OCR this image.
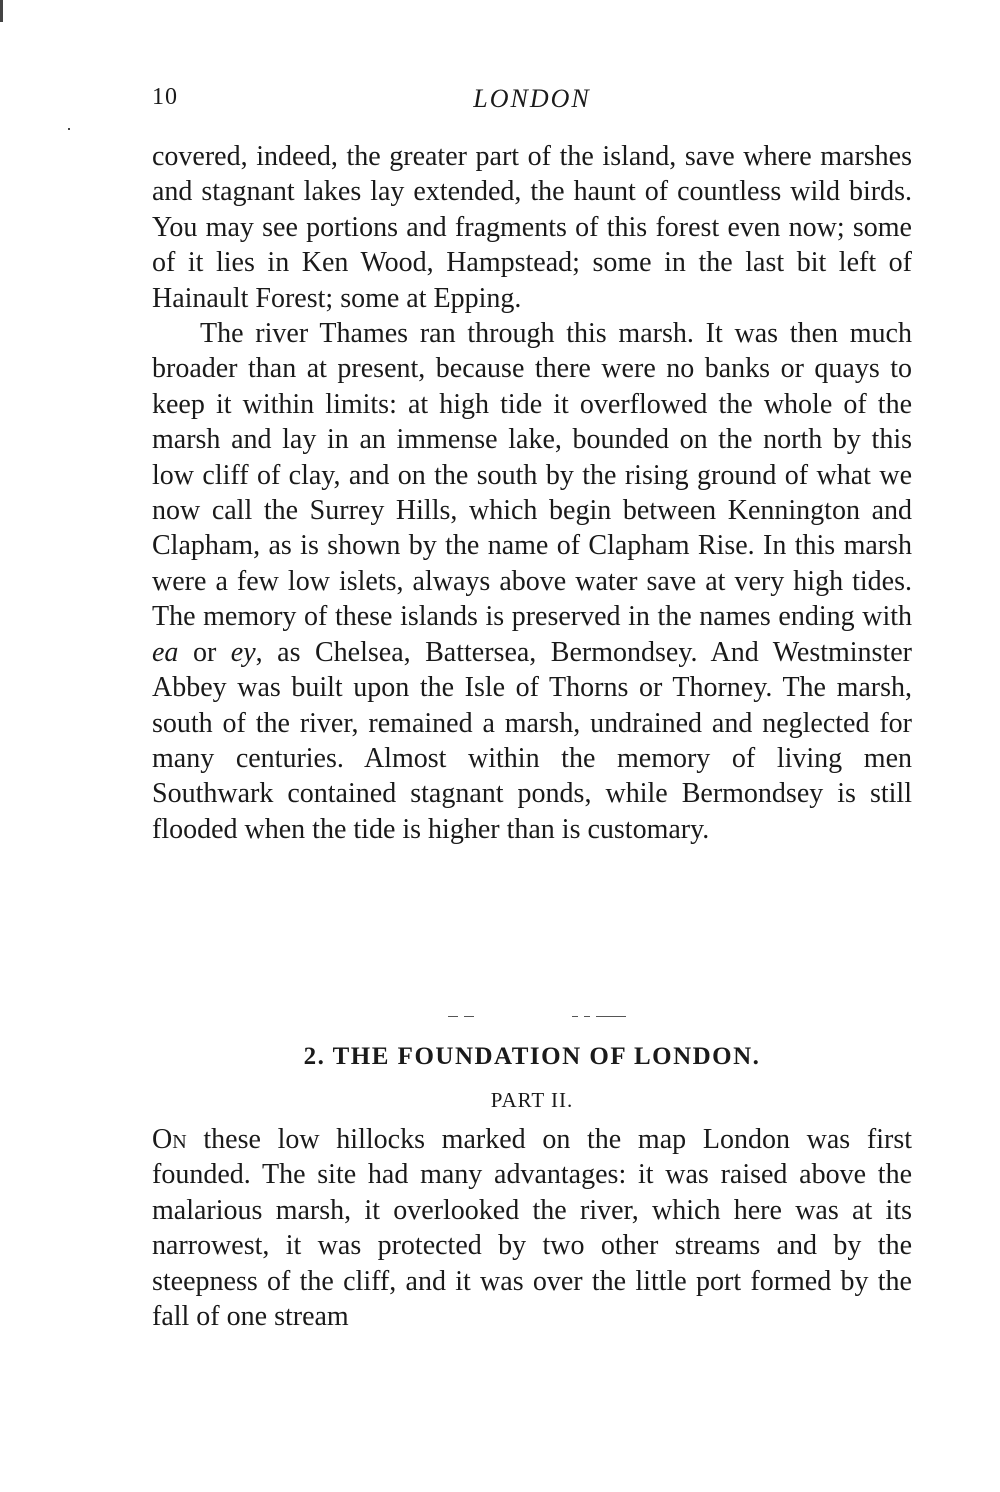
10	LONDON

covered, indeed, the greater part of the island, save where marshes and stagnant lakes lay extended, the haunt of countless wild birds. You may see portions and fragments of this forest even now; some of it lies in Ken Wood, Hampstead; some in the last bit left of Hainault Forest; some at Epping.

The river Thames ran through this marsh. It was then much broader than at present, because there were no banks or quays to keep it within limits: at high tide it overflowed the whole of the marsh and lay in an immense lake, bounded on the north by this low cliff of clay, and on the south by the rising ground of what we now call the Surrey Hills, which begin between Kennington and Clapham, as is shown by the name of Clapham Rise. In this marsh were a few low islets, always above water save at very high tides. The memory of these islands is preserved in the names ending with ea or ey, as Chelsea, Battersea, Bermondsey. And Westminster Abbey was built upon the Isle of Thorns or Thorney. The marsh, south of the river, remained a marsh, undrained and neglected for many centuries. Almost within the memory of living men Southwark contained stagnant ponds, while Bermondsey is still flooded when the tide is higher than is customary.

2. THE FOUNDATION OF LONDON.
PART II.

On these low hillocks marked on the map London was first founded. The site had many advantages: it was raised above the malarious marsh, it overlooked the river, which here was at its narrowest, it was protected by two other streams and by the steepness of the cliff, and it was over the little port formed by the fall of one stream
